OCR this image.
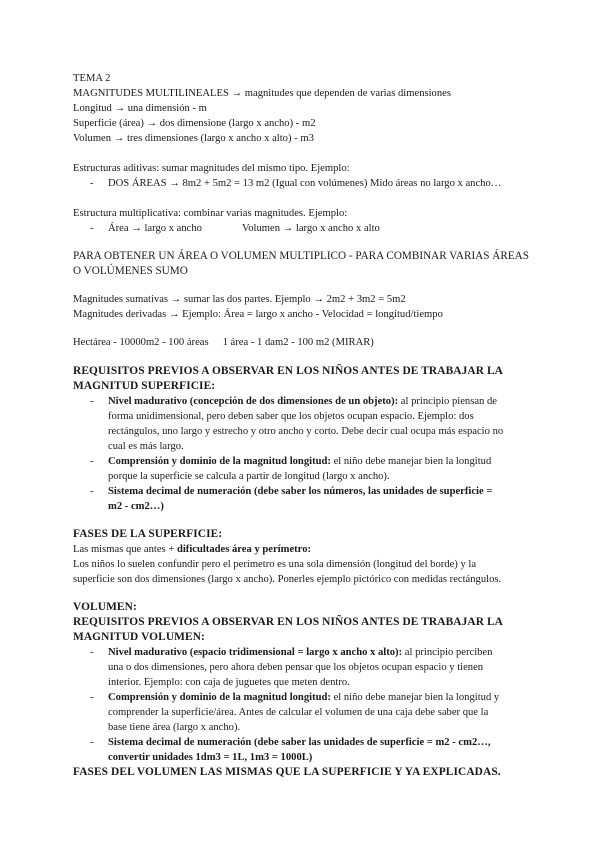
TEMA 2
MAGNITUDES MULTILINEALES → magnitudes que dependen de varias dimensiones
Longitud → una dimensión - m
Superficie (área) → dos dimensione (largo x ancho) - m2
Volumen → tres dimensiones (largo x ancho x alto) - m3
Estructuras aditivas: sumar magnitudes del mismo tipo. Ejemplo:
- DOS ÁREAS → 8m2 + 5m2 = 13 m2 (Igual con volúmenes) Mido áreas no largo x ancho…
Estructura multiplicativa: combinar varias magnitudes. Ejemplo:
- Área → largo x ancho	Volumen → largo x ancho x alto
PARA OBTENER UN ÁREA O VOLUMEN MULTIPLICO - PARA COMBINAR VARIAS ÁREAS
O VOLÚMENES SUMO
Magnitudes sumativas → sumar las dos partes. Ejemplo → 2m2 + 3m2 = 5m2
Magnitudes derivadas → Ejemplo: Área = largo x ancho - Velocidad = longitud/tiempo
Hectárea - 10000m2 - 100 áreas 1 área - 1 dam2 - 100 m2 (MIRAR)
REQUISITOS PREVIOS A OBSERVAR EN LOS NIÑOS ANTES DE TRABAJAR LA
MAGNITUD SUPERFICIE:
- Nivel madurativo (concepción de dos dimensiones de un objeto): al principio piensan de
forma unidimensional, pero deben saber que los objetos ocupan espacio. Ejemplo: dos
rectángulos, uno largo y estrecho y otro ancho y corto. Debe decir cual ocupa más espacio no
cual es más largo.
- Comprensión y dominio de la magnitud longitud: el niño debe manejar bien la longitud
porque la superficie se calcula a partir de longitud (largo x ancho).
- Sistema decimal de numeración (debe saber los números, las unidades de superficie =
m2 - cm2…)
FASES DE LA SUPERFICIE:
Las mismas que antes + dificultades área y perímetro:
Los niños lo suelen confundir pero el perímetro es una sola dimensión (longitud del borde) y la
superficie son dos dimensiones (largo x ancho). Ponerles ejemplo pictórico con medidas rectángulos.
VOLUMEN:
REQUISITOS PREVIOS A OBSERVAR EN LOS NIÑOS ANTES DE TRABAJAR LA
MAGNITUD VOLUMEN:
- Nivel madurativo (espacio tridimensional = largo x ancho x alto): al principio perciben
una o dos dimensiones, pero ahora deben pensar que los objetos ocupan espacio y tienen
interior. Ejemplo: con caja de juguetes que meten dentro.
- Comprensión y dominio de la magnitud longitud: el niño debe manejar bien la longitud y
comprender la superficie/área. Antes de calcular el volumen de una caja debe saber que la
base tiene área (largo x ancho).
- Sistema decimal de numeración (debe saber las unidades de superficie = m2 - cm2…,
convertir unidades 1dm3 = 1L, 1m3 = 1000L)
FASES DEL VOLUMEN LAS MISMAS QUE LA SUPERFICIE Y YA EXPLICADAS.
